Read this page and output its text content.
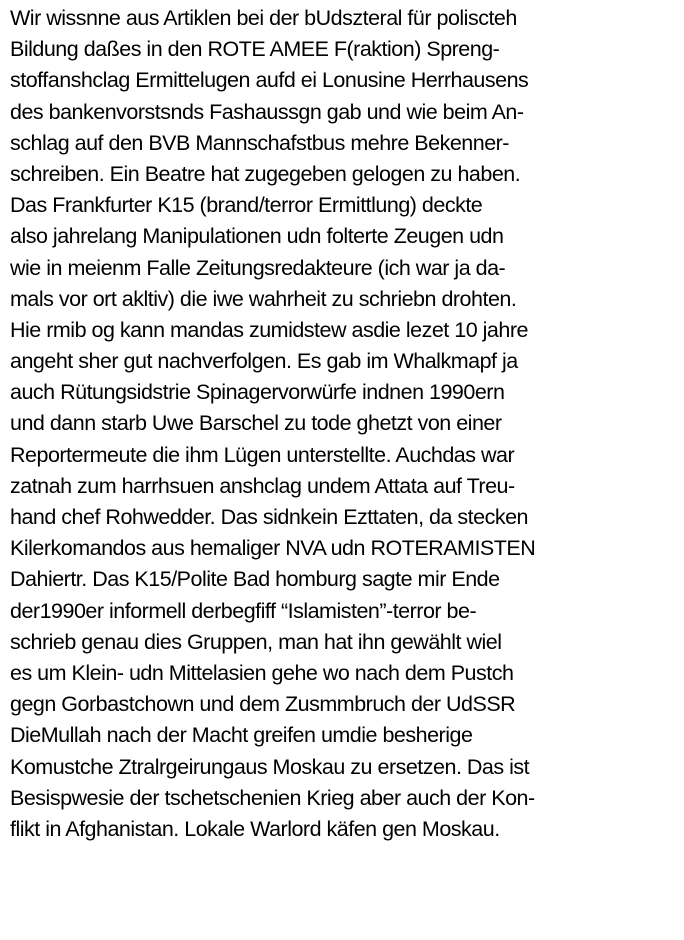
Wir wissnne aus Artiklen bei der bUdszteral für poliscteh
Bildung daßes in den ROTE AMEE F(raktion) Spreng-
stoffanshclag Ermittelugen aufd ei Lonusine Herrhausens
des bankenvorstsnds Fashaussgn gab und wie beim An-
schlag auf den BVB Mannschafstbus mehre Bekenner-
schreiben. Ein Beatre hat zugegeben gelogen zu haben.
Das Frankfurter K15 (brand/terror Ermittlung) deckte
also jahrelang Manipulationen udn folterte Zeugen udn
wie in meienm Falle Zeitungsredakteure (ich war ja da-
mals vor ort akltiv) die iwe wahrheit zu schriebn drohten.
Hie rmib og kann mandas zumidstew asdie lezet 10 jahre
angeht sher gut nachverfolgen. Es gab im Whalkmapf ja
auch Rütungsidstrie Spinagervorwürfe indnen 1990ern
und dann starb Uwe Barschel zu tode ghetzt von einer
Reportermeute die ihm Lügen unterstellte. Auchdas war
zatnah zum harrhsuen anshclag undem Attata auf Treu-
hand chef Rohwedder. Das sidnkein Ezttaten, da stecken
Kilerkomandos aus hemaliger NVA udn ROTERAMISTEN
Dahiertr. Das K15/Polite Bad homburg sagte mir Ende
der1990er informell derbegfiff “Islamisten”-terror be-
schrieb genau dies Gruppen, man hat ihn gewählt wiel
es um Klein- udn Mittelasien gehe wo nach dem Pustch
gegn Gorbastchown und dem Zusmmbruch der UdSSR
DieMullah nach der Macht greifen umdie besherige
Komustche Ztralrgeirungaus Moskau zu ersetzen. Das ist
Besispwesie der tschetschenien Krieg aber auch der Kon-
flikt in Afghanistan. Lokale Warlord käfen gen Moskau.
